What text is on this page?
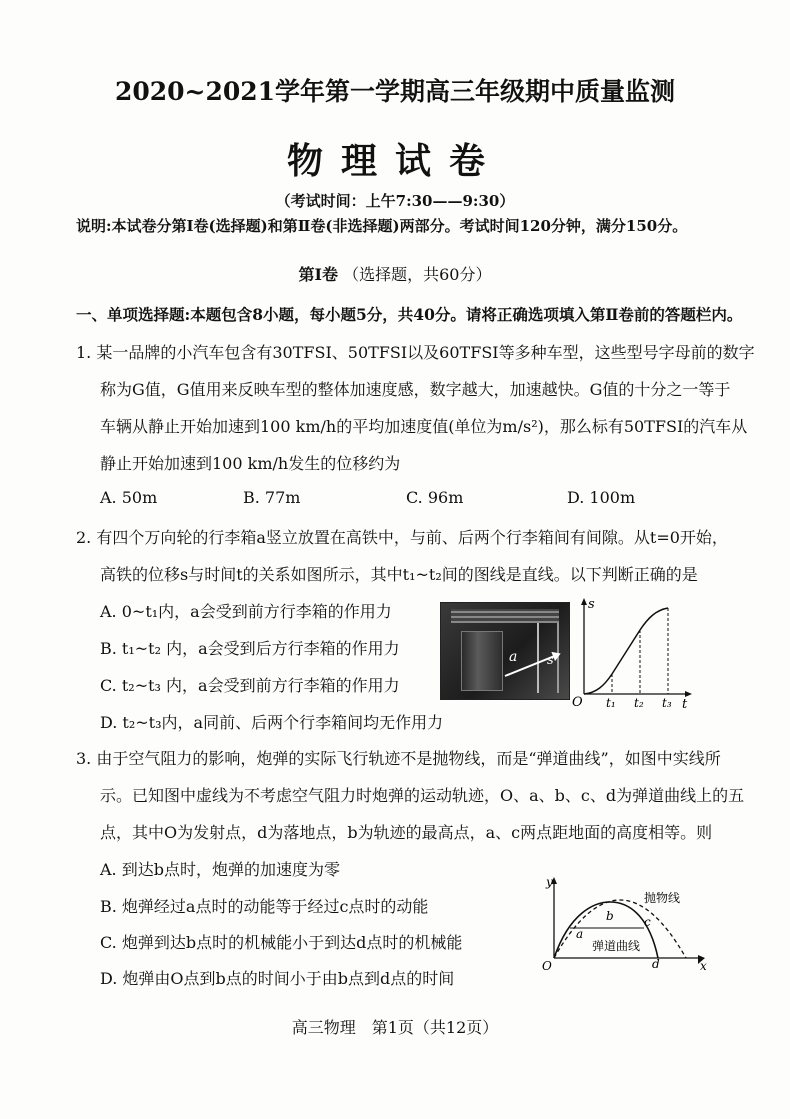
2020~2021学年第一学期高三年级期中质量监测
物理试卷
（考试时间：上午7:30——9:30）
说明:本试卷分第Ⅰ卷(选择题)和第Ⅱ卷(非选择题)两部分。考试时间120分钟，满分150分。
第Ⅰ卷 （选择题，共60分）
一、单项选择题:本题包含8小题，每小题5分，共40分。请将正确选项填入第Ⅱ卷前的答题栏内。
1. 某一品牌的小汽车包含有30TFSI、50TFSI以及60TFSI等多种车型，这些型号字母前的数字
称为G值，G值用来反映车型的整体加速度感，数字越大，加速越快。G值的十分之一等于
车辆从静止开始加速到100 km/h的平均加速度值(单位为m/s²)，那么标有50TFSI的汽车从
静止开始加速到100 km/h发生的位移约为
A. 50m	B. 77m	C. 96m	D. 100m
2. 有四个万向轮的行李箱a竖立放置在高铁中，与前、后两个行李箱间有间隙。从t=0开始，
高铁的位移s与时间t的关系如图所示，其中t₁~t₂间的图线是直线。以下判断正确的是
A. 0~t₁内，a会受到前方行李箱的作用力
B. t₁~t₂ 内，a会受到后方行李箱的作用力
C. t₂~t₃ 内，a会受到前方行李箱的作用力
D. t₂~t₃内，a同前、后两个行李箱间均无作用力
a s
s
t
O t₁ t₂ t₃
3. 由于空气阻力的影响，炮弹的实际飞行轨迹不是抛物线，而是“弹道曲线”，如图中实线所
示。已知图中虚线为不考虑空气阻力时炮弹的运动轨迹，O、a、b、c、d为弹道曲线上的五
点，其中O为发射点，d为落地点，b为轨迹的最高点，a、c两点距地面的高度相等。则
A. 到达b点时，炮弹的加速度为零
B. 炮弹经过a点时的动能等于经过c点时的动能
C. 炮弹到达b点时的机械能小于到达d点时的机械能
D. 炮弹由O点到b点的时间小于由b点到d点的时间
O
y
x
a
b	c
d
抛物线
弹道曲线
高三物理　第1页（共12页）
